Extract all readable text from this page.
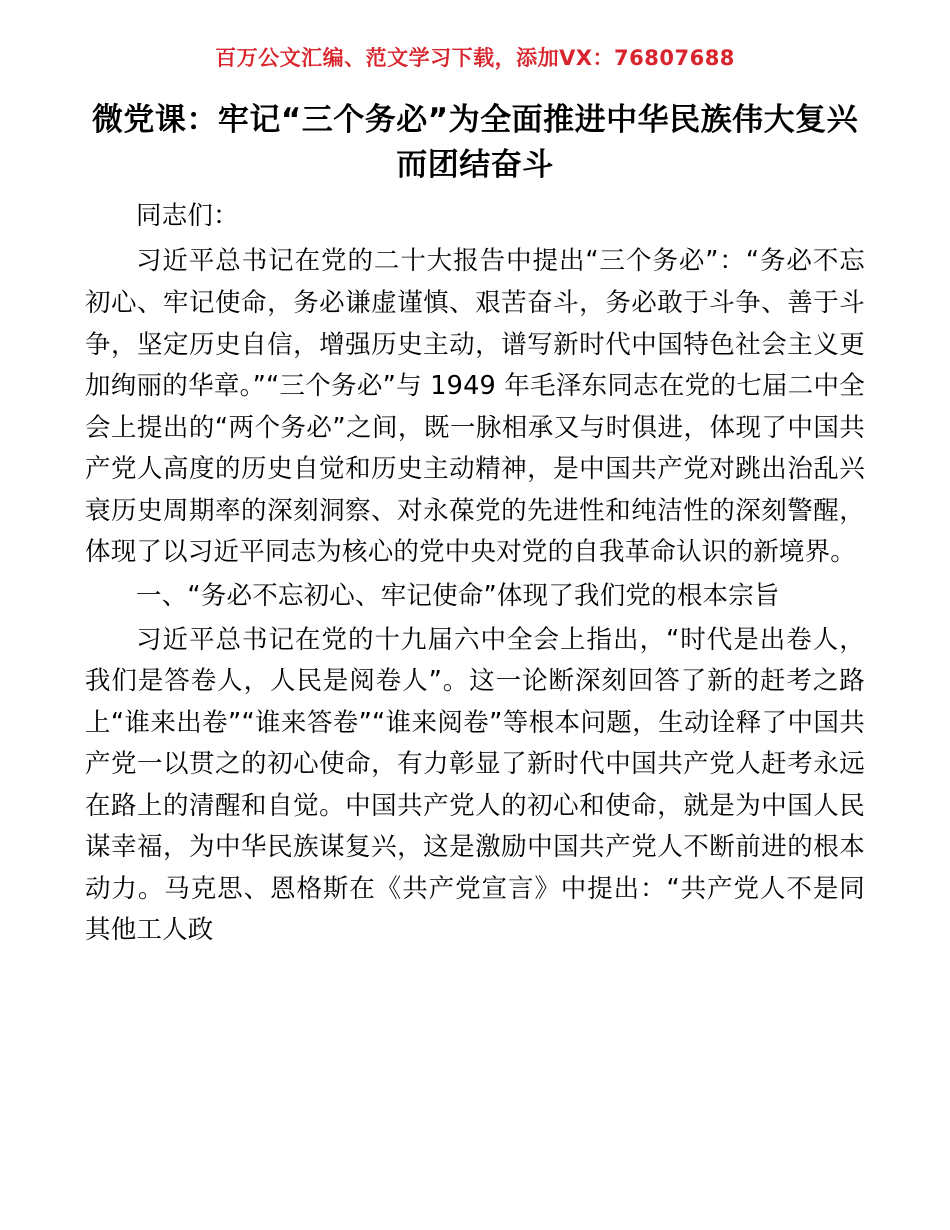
百万公文汇编、范文学习下载，添加VX：76807688
微党课：牢记“三个务必”为全面推进中华民族伟大复兴而团结奋斗

同志们：

习近平总书记在党的二十大报告中提出“三个务必”：“务必不忘初心、牢记使命，务必谦虚谨慎、艰苦奋斗，务必敢于斗争、善于斗争，坚定历史自信，增强历史主动，谱写新时代中国特色社会主义更加绚丽的华章。”“三个务必”与 1949 年毛泽东同志在党的七届二中全会上提出的“两个务必”之间，既一脉相承又与时俱进，体现了中国共产党人高度的历史自觉和历史主动精神，是中国共产党对跳出治乱兴衰历史周期率的深刻洞察、对永葆党的先进性和纯洁性的深刻警醒，体现了以习近平同志为核心的党中央对党的自我革命认识的新境界。

一、“务必不忘初心、牢记使命”体现了我们党的根本宗旨

习近平总书记在党的十九届六中全会上指出，“时代是出卷人，我们是答卷人，人民是阅卷人”。这一论断深刻回答了新的赶考之路上“谁来出卷”“谁来答卷”“谁来阅卷”等根本问题，生动诠释了中国共产党一以贯之的初心使命，有力彰显了新时代中国共产党人赶考永远在路上的清醒和自觉。中国共产党人的初心和使命，就是为中国人民谋幸福，为中华民族谋复兴，这是激励中国共产党人不断前进的根本动力。马克思、恩格斯在《共产党宣言》中提出：“共产党人不是同其他工人政
